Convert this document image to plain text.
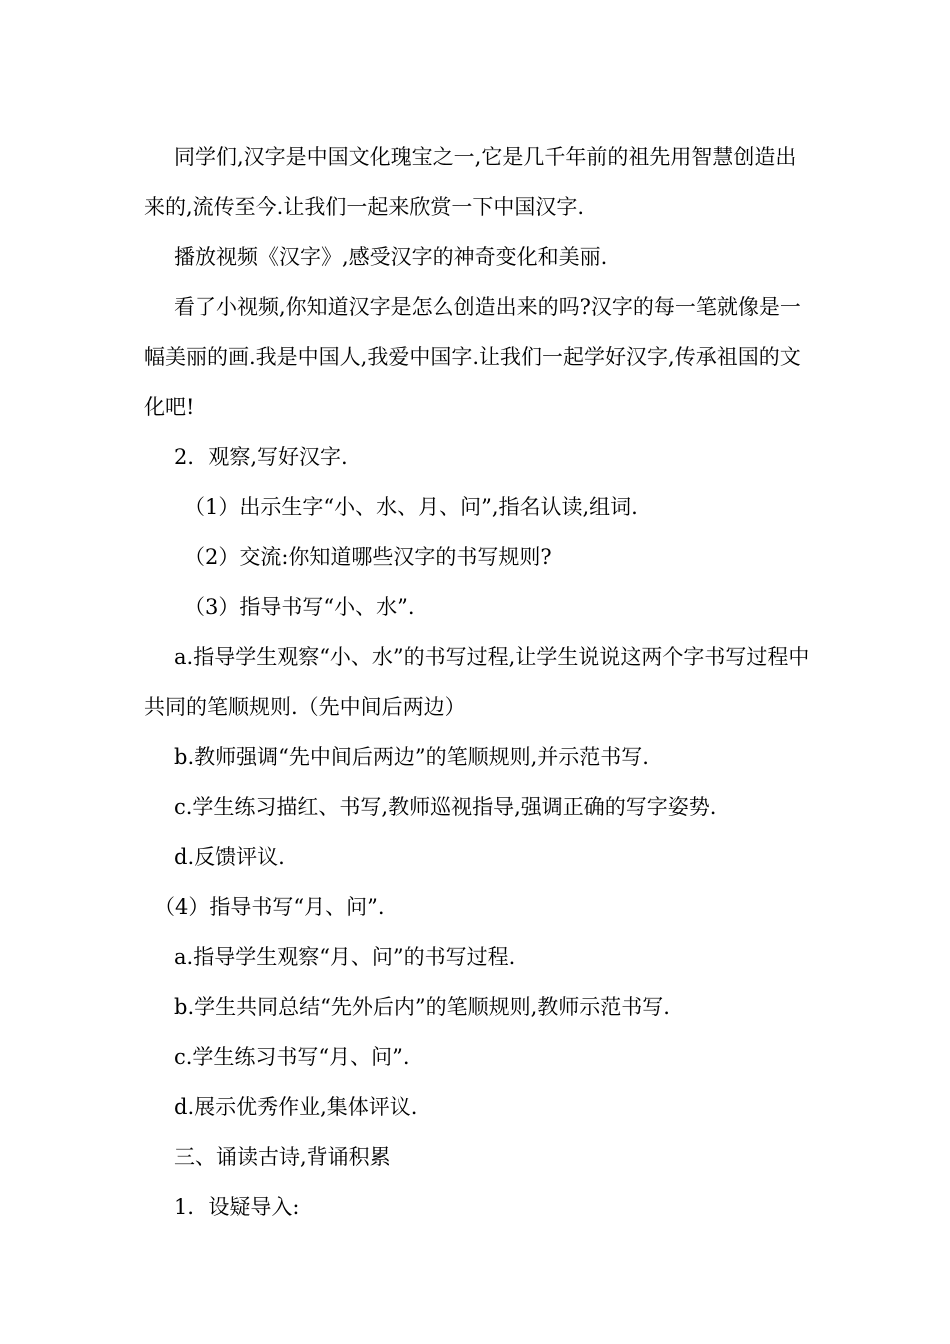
同学们,汉字是中国文化瑰宝之一,它是几千年前的祖先用智慧创造出来的,流传至今.让我们一起来欣赏一下中国汉字.

播放视频《汉字》,感受汉字的神奇变化和美丽.

看了小视频,你知道汉字是怎么创造出来的吗?汉字的每一笔就像是一幅美丽的画.我是中国人,我爱中国字.让我们一起学好汉字,传承祖国的文化吧!

2．观察,写好汉字.

（1）出示生字“小、水、月、问”,指名认读,组词.

（2）交流:你知道哪些汉字的书写规则?

（3）指导书写“小、水”.

a.指导学生观察“小、水”的书写过程,让学生说说这两个字书写过程中共同的笔顺规则.（先中间后两边）

b.教师强调“先中间后两边”的笔顺规则,并示范书写.

c.学生练习描红、书写,教师巡视指导,强调正确的写字姿势.

d.反馈评议.

（4）指导书写“月、问”.

a.指导学生观察“月、问”的书写过程.

b.学生共同总结“先外后内”的笔顺规则,教师示范书写.

c.学生练习书写“月、问”.

d.展示优秀作业,集体评议.

三、诵读古诗,背诵积累

1．设疑导入:
